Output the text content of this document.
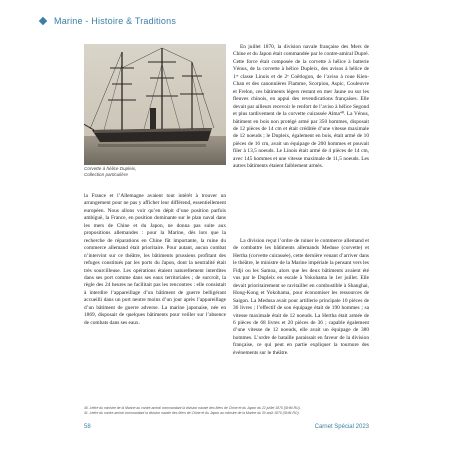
Marine - Histoire & Traditions
Corvette à hélice Dupleix,
Collection particulière

En juillet 1870, la division navale française des Mers de Chine et du Japon était commandée par le contre-amiral Dupré. Cette force était composée de la corvette à hélice à batterie Vénus, de la corvette à hélice Dupleix, des avisos à hélice de 1ʳᵉ classe Linois et de 2ᵉ Coëtlogon, de l’aviso à roue Kien-Chan et des canonnières Flamme, Scorpion, Aspic, Couleuvre et Frelon, ces bâtiments légers restant en mer Jaune ou sur les fleuves chinois, en appui des revendications françaises. Elle devait par ailleurs recevoir le renfort de l’aviso à hélice Segond et plus tardivement de la corvette cuirassée Alma⁴⁰. La Vénus, bâtiment en bois non protégé armé par 350 hommes, disposait de 12 pièces de 14 cm et était créditée d’une vitesse maximale de 12 noeuds ; le Dupleix, également en bois, était armé de 10 pièces de 16 cm, avait un équipage de 200 hommes et pouvait filer à 13,5 noeuds. Le Linois était armé de 4 pièces de 14 cm, avec 145 hommes et une vitesse maximale de 11,5 noeuds. Les autres bâtiments étaient faiblement armés.

la France et l’Allemagne avaient tout intérêt à trouver un arrangement pour ne pas y afficher leur différend, essentiellement européen. Nous allons voir qu’en dépit d’une position parfois ambiguë, la France, en position dominante sur le plan naval dans les mers de Chine et du Japon, ne donna pas suite aux propositions allemandes : pour la Marine, dès lors que la recherche de réparations en Chine fût importante, la ruine du commerce allemand était prioritaire. Pour autant, aucun combat n’intervint sur ce théâtre, les bâtiments prussiens profitant des refuges constitués par les ports du Japon, dont la neutralité était très sourcilleuse. Les opérations étaient naturellement interdites dans ses port comme dans ses eaux territoriales ; de surcroît, la règle des 24 heures ne facilitait pas les rencontres : elle consistait à interdire l’appareillage d’un bâtiment de guerre belligérant accueilli dans un port neutre moins d’un jour après l’appareillage d’un bâtiment de guerre adverse. La marine japonaise, née en 1869, disposait de quelques bâtiments pour veiller sur l’absence de combats dans ses eaux.

La division reçut l’ordre de ruiner le commerce allemand et de combattre les bâtiments allemands Meduse (corvette) et Hertha (corvette cuirassée), cette dernière venant d’arriver dans le théâtre, le ministre de la Marine impériale la pensant vers les Fidji ou les Samoa, alors que les deux bâtiments avaient été vus par le Dupleix en escale à Yokohama le 1er juillet. Elle devait prioritairement se ravitailler en combustible à Shanghai, Hong-Kong et Yokohama, pour économiser les ressources de Saigon. La Medusa avait pour artillerie principale 10 pièces de 36 livres ; l’effectif de son équipage était de 190 hommes ; sa vitesse maximale était de 12 noeuds. La Hertha était armée de 6 pièces de 68 livres et 20 pièces de 36 ; capable également d’une vitesse de 12 noeuds, elle avait un équipage de 380 hommes. L’ordre de bataille paraissait en faveur de la division française, ce qui peut en partie expliquer la tournure des événements sur le théâtre.

40. Lettre du ministre de la Marine au contre-amiral commandant la division navale des Mers de Chine et du Japon du 22 juillet 1870 (SHM-RO).
41. Lettre du contre-amiral commandant la division navale des Mers de Chine et du Japon au ministre de la Marine du 30 août 1870 (SHM-RO).
58	Carnet Spécial 2023
